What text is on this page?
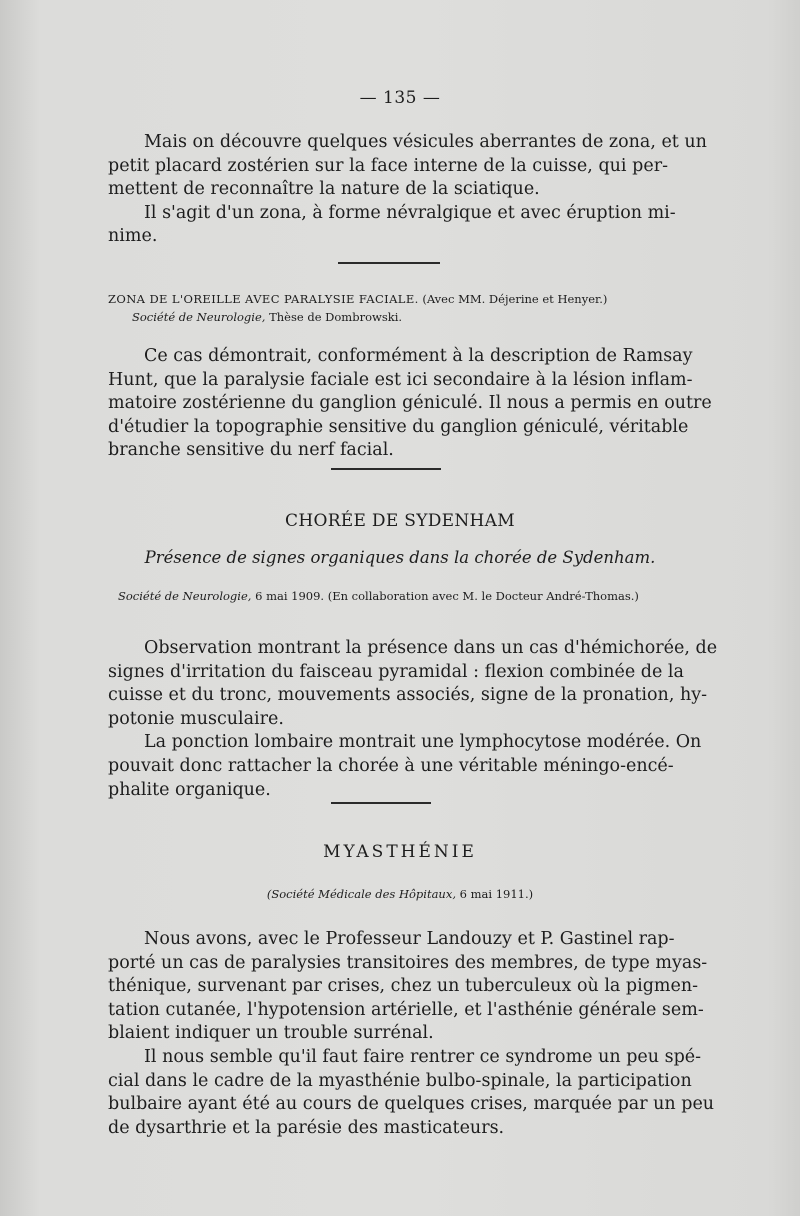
— 135 —
Mais on découvre quelques vésicules aberrantes de zona, et un
petit placard zostérien sur la face interne de la cuisse, qui per-
mettent de reconnaître la nature de la sciatique.
Il s'agit d'un zona, à forme névralgique et avec éruption mi-
nime.
ZONA DE L'OREILLE AVEC PARALYSIE FACIALE. (Avec MM. Déjerine et Henyer.)
Société de Neurologie, Thèse de Dombrowski.
Ce cas démontrait, conformément à la description de Ramsay
Hunt, que la paralysie faciale est ici secondaire à la lésion inflam-
matoire zostérienne du ganglion géniculé. Il nous a permis en outre
d'étudier la topographie sensitive du ganglion géniculé, véritable
branche sensitive du nerf facial.
CHORÉE DE SYDENHAM
Présence de signes organiques dans la chorée de Sydenham.
Société de Neurologie, 6 mai 1909. (En collaboration avec M. le Docteur André-Thomas.)
Observation montrant la présence dans un cas d'hémichorée, de
signes d'irritation du faisceau pyramidal : flexion combinée de la
cuisse et du tronc, mouvements associés, signe de la pronation, hy-
potonie musculaire.
La ponction lombaire montrait une lymphocytose modérée. On
pouvait donc rattacher la chorée à une véritable méningo-encé-
phalite organique.
MYASTHÉNIE
(Société Médicale des Hôpitaux, 6 mai 1911.)
Nous avons, avec le Professeur Landouzy et P. Gastinel rap-
porté un cas de paralysies transitoires des membres, de type myas-
thénique, survenant par crises, chez un tuberculeux où la pigmen-
tation cutanée, l'hypotension artérielle, et l'asthénie générale sem-
blaient indiquer un trouble surrénal.
Il nous semble qu'il faut faire rentrer ce syndrome un peu spé-
cial dans le cadre de la myasthénie bulbo-spinale, la participation
bulbaire ayant été au cours de quelques crises, marquée par un peu
de dysarthrie et la parésie des masticateurs.
